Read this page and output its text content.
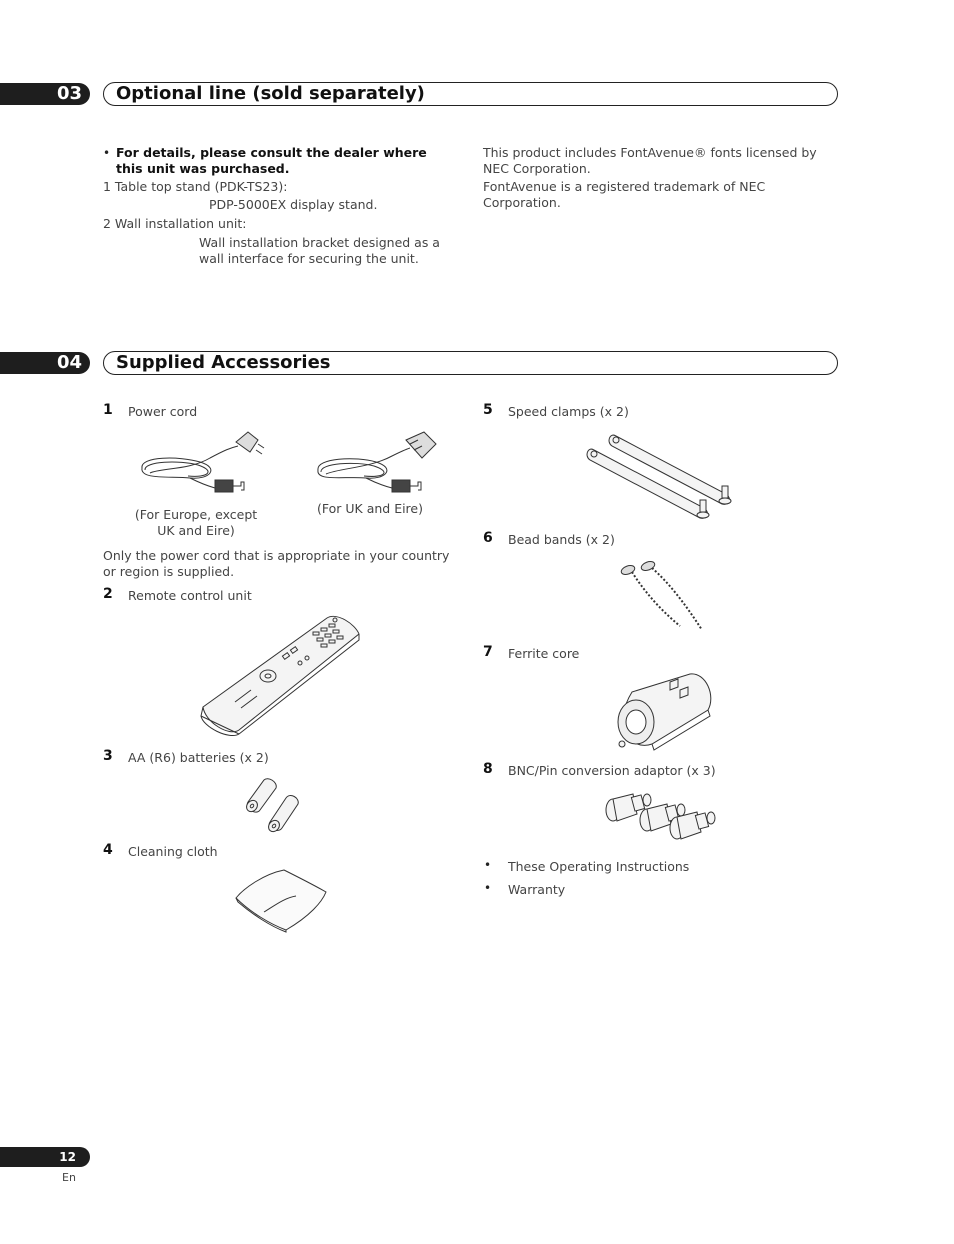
03	Optional line (sold separately)
• For details, please consult the dealer where this unit was purchased.
1 Table top stand (PDK-TS23):
PDP-5000EX display stand.
2 Wall installation unit:
Wall installation bracket designed as a wall interface for securing the unit.
This product includes FontAvenue® fonts licensed by NEC Corporation.
FontAvenue is a registered trademark of NEC Corporation.
04	Supplied Accessories
1 Power cord
(For Europe, except UK and Eire)
(For UK and Eire)
Only the power cord that is appropriate in your country or region is supplied.
2 Remote control unit
3 AA (R6) batteries (x 2)
4 Cleaning cloth
5 Speed clamps (x 2)
6 Bead bands (x 2)
7 Ferrite core
8 BNC/Pin conversion adaptor (x 3)
• These Operating Instructions
• Warranty
12
En
